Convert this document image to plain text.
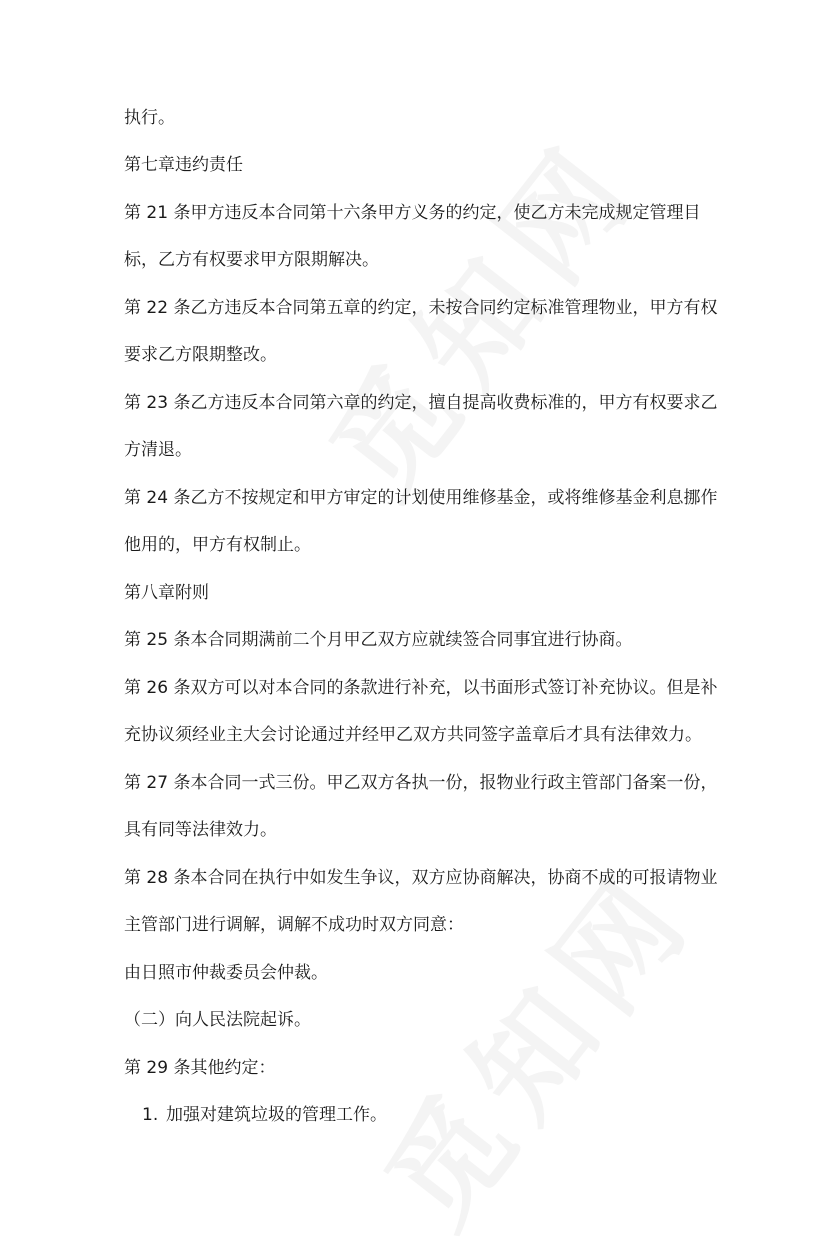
执行。

第七章违约责任

第 21 条甲方违反本合同第十六条甲方义务的约定，使乙方未完成规定管理目

标，乙方有权要求甲方限期解决。

第 22 条乙方违反本合同第五章的约定，未按合同约定标准管理物业，甲方有权

要求乙方限期整改。

第 23 条乙方违反本合同第六章的约定，擅自提高收费标准的，甲方有权要求乙

方清退。

第 24 条乙方不按规定和甲方审定的计划使用维修基金，或将维修基金利息挪作

他用的，甲方有权制止。

第八章附则

第 25 条本合同期满前二个月甲乙双方应就续签合同事宜进行协商。

第 26 条双方可以对本合同的条款进行补充，以书面形式签订补充协议。但是补

充协议须经业主大会讨论通过并经甲乙双方共同签字盖章后才具有法律效力。

第 27 条本合同一式三份。甲乙双方各执一份，报物业行政主管部门备案一份，

具有同等法律效力。

第 28 条本合同在执行中如发生争议，双方应协商解决，协商不成的可报请物业

主管部门进行调解，调解不成功时双方同意：

由日照市仲裁委员会仲裁。

（二）向人民法院起诉。

第 29 条其他约定：

1. 加强对建筑垃圾的管理工作。
